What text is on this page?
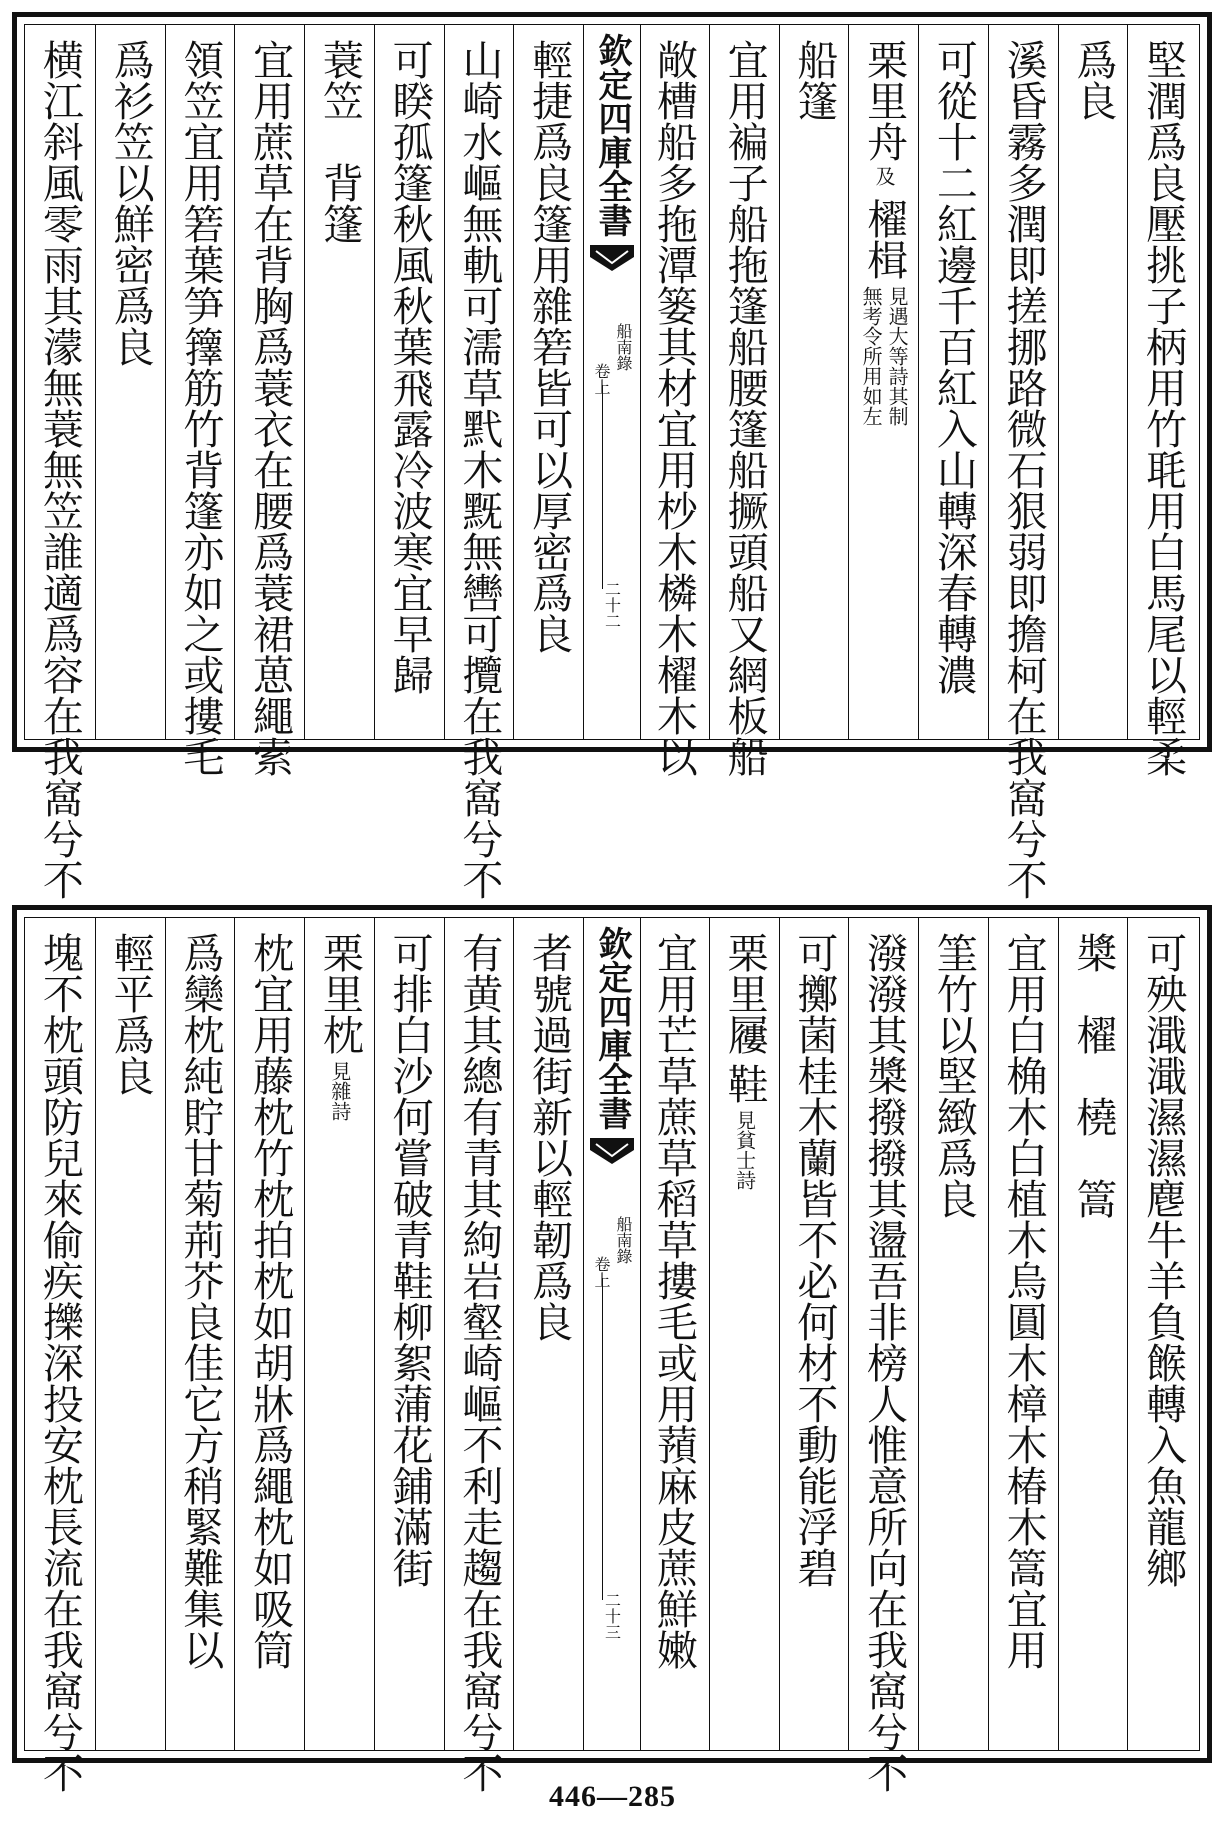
堅潤爲良壓挑子柄用竹毦用白馬尾以輕柔
爲良
溪昏霧多潤即搓挪路微石狠弱即擔柯在我窩兮不
可從十二紅邊千百紅入山轉深春轉濃
栗里舟
及
櫂楫
見遇大等詩其制
無考令所用如左
船篷
宜用褊子船拖篷船腰篷船撅頭船又網板船
敞槽船多拖潭篓其材宜用杪木橉木櫂木以
輕捷爲良篷用雜箬皆可以厚密爲良
山崎水嶇無軌可濡草黓木黖無轡可攬在我窩兮不
可睽孤篷秋風秋葉飛露冷波寒宜早歸
蓑笠　背篷
宜用蔗草在背胸爲蓑衣在腰爲蓑裙葸繩索
領笠宜用箬葉笋籜筋竹背篷亦如之或摟毛
爲衫笠以鮮密爲良
横江斜風零雨其濛無蓑無笠誰適爲容在我窩兮不	欽定四庫全書
船南錄
卷上
二十二
可殃濈濈濕濕麀牛羊負餱轉入魚龍鄉
槳　櫂　橈　篙
宜用白桷木白植木烏圓木樟木椿木篙宜用
筀竹以堅緻爲良
潑潑其槳撥撥其盪吾非榜人惟意所向在我窩兮不
可擲菌桂木蘭皆不必何材不動能浮碧
栗里屨
鞋
見貧士詩
宜用芒草蔗草稻草摟毛或用蕷麻皮蔗鮮嫩
者號過街新以輕韌爲良
有黄其總有青其絇岩壑崎嶇不利走趨在我窩兮不
可排白沙何嘗破青鞋柳絮蒲花鋪滿街
栗里枕
見雜詩
枕宜用藤枕竹枕拍枕如胡牀爲繩枕如吸筒
爲欒枕純貯甘菊荊芥良佳它方稍緊難集以
輕平爲良
塊不枕頭防兒來偷疾擽深投安枕長流在我窩兮不	欽定四庫全書
船南錄
卷上
二十三
446—285
